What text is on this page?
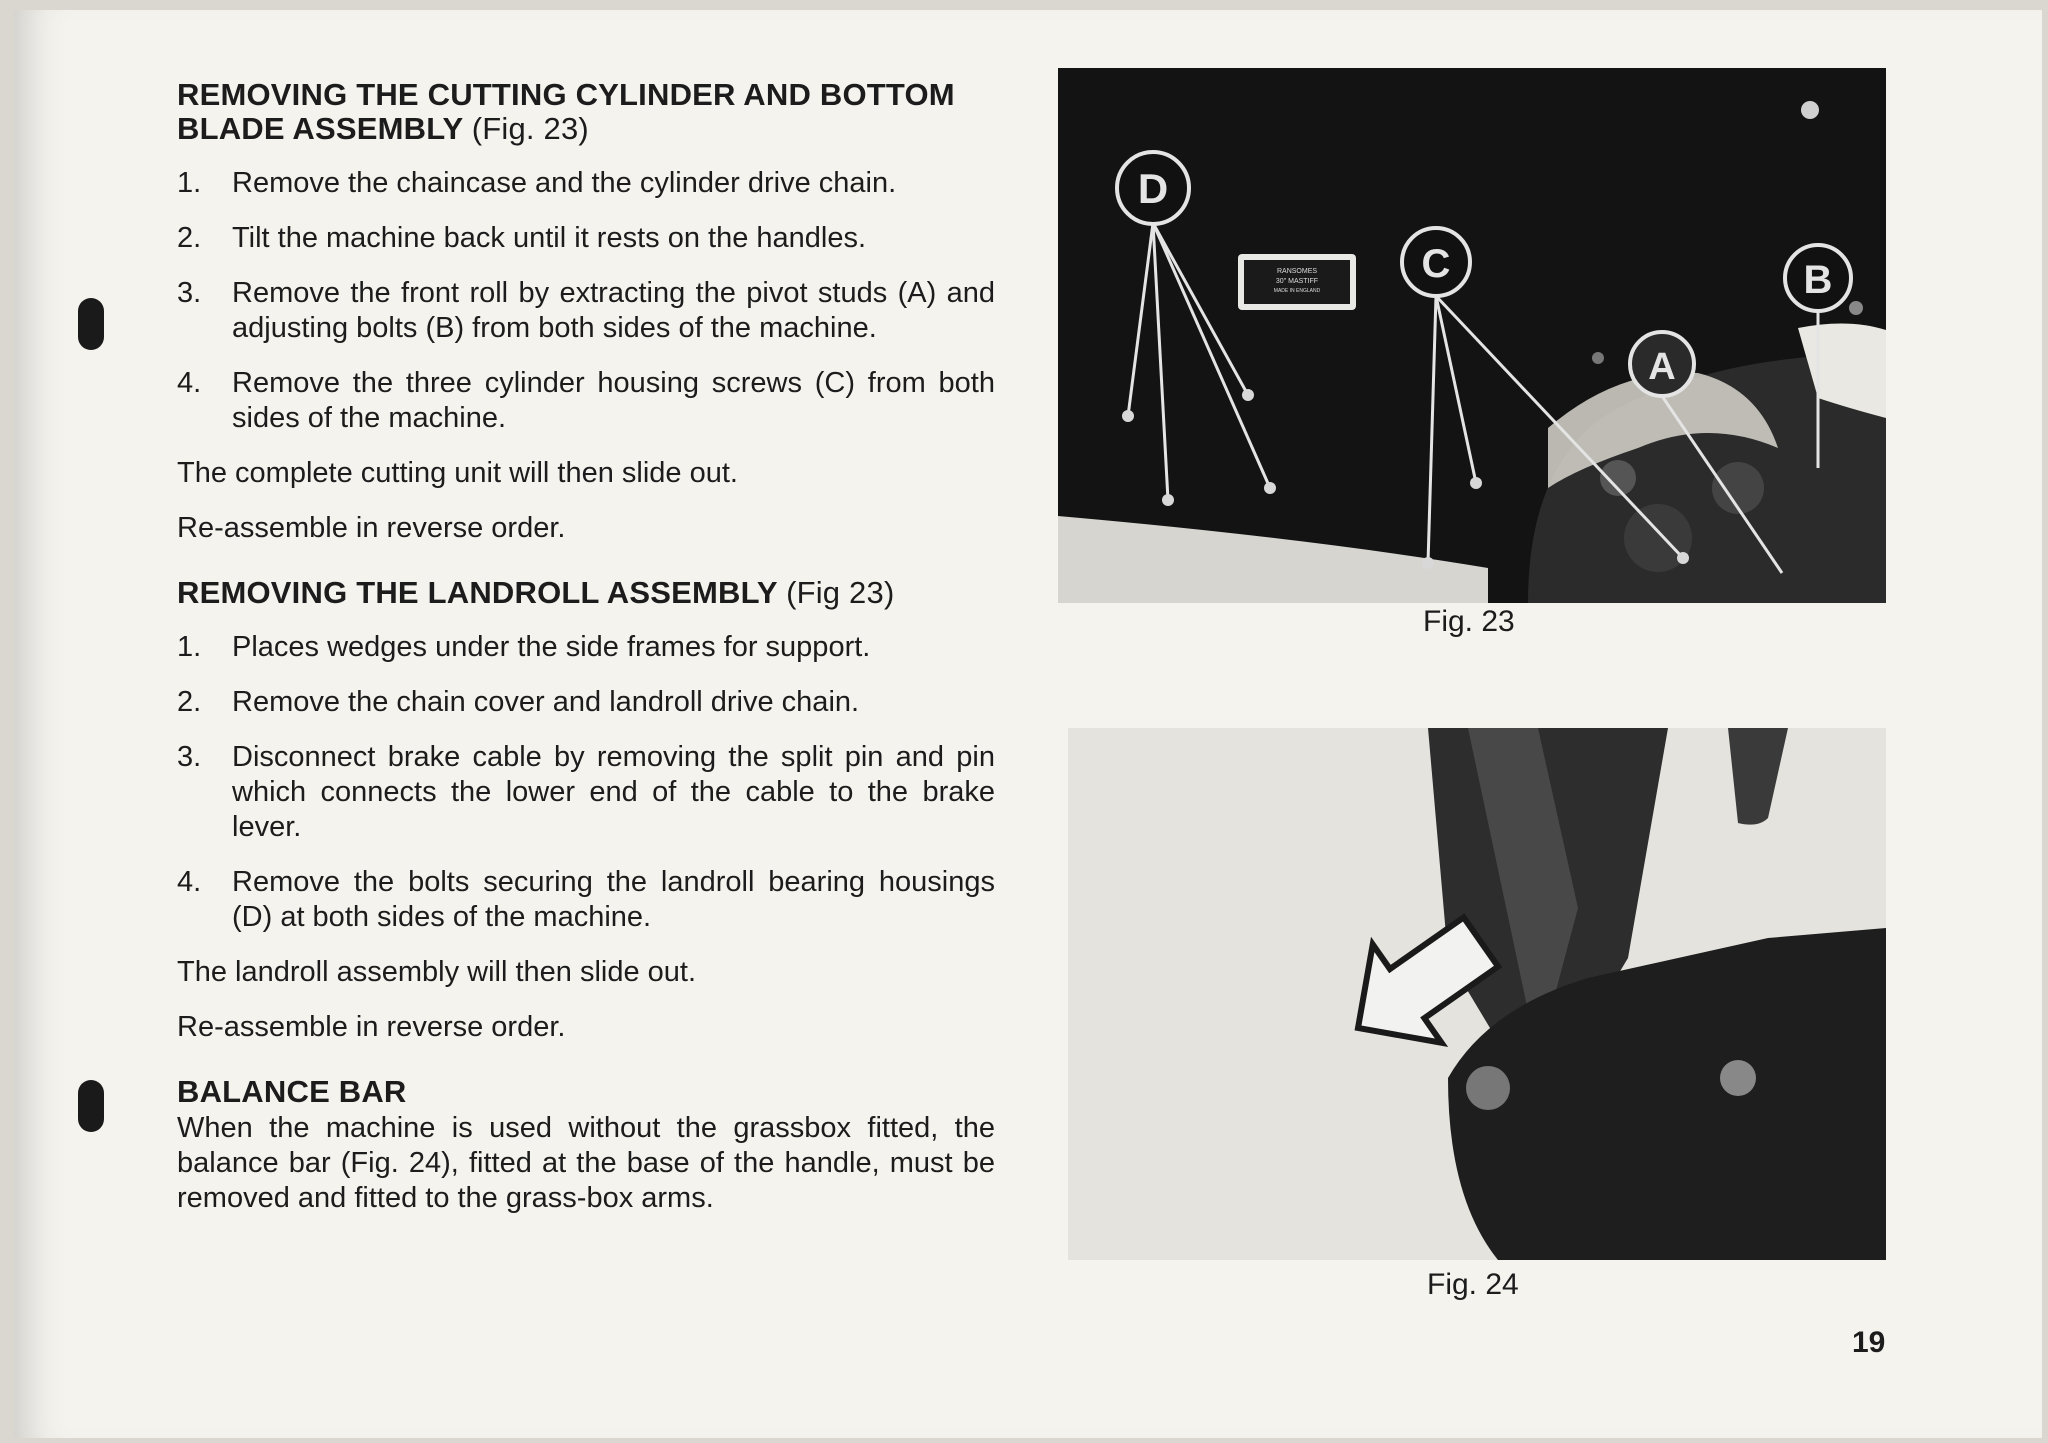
REMOVING THE CUTTING CYLINDER AND BOTTOM BLADE ASSEMBLY (Fig. 23)
1. Remove the chaincase and the cylinder drive chain.
2. Tilt the machine back until it rests on the handles.
3. Remove the front roll by extracting the pivot studs (A) and adjusting bolts (B) from both sides of the machine.
4. Remove the three cylinder housing screws (C) from both sides of the machine.

The complete cutting unit will then slide out.

Re-assemble in reverse order.

REMOVING THE LANDROLL ASSEMBLY (Fig 23)
1. Places wedges under the side frames for support.
2. Remove the chain cover and landroll drive chain.
3. Disconnect brake cable by removing the split pin and pin which connects the lower end of the cable to the brake lever.
4. Remove the bolts securing the landroll bearing housings (D) at both sides of the machine.

The landroll assembly will then slide out.

Re-assemble in reverse order.

BALANCE BAR

When the machine is used without the grassbox fitted, the balance bar (Fig. 24), fitted at the base of the handle, must be removed and fitted to the grass-box arms.

RANSOMES
30" MASTIFF
MADE IN ENGLAND
D
C	B
A
Fig. 23
Fig. 24
19
